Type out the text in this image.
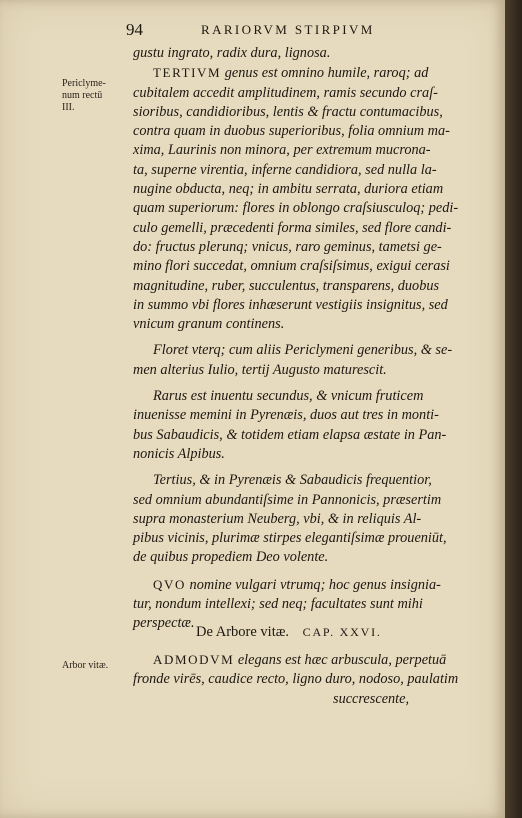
94	RARIORVM STIRPIVM
Periclyme-
num rectū
III.
Arbor vitæ.

gustu ingrato, radix dura, lignosa.

TERTIVM genus est omnino humile, raroq; ad
cubitalem accedit amplitudinem, ramis secundo craſ-
sioribus, candidioribus, lentis & fractu contumacibus,
contra quam in duobus superioribus, folia omnium ma-
xima, Laurinis non minora, per extremum mucrona-
ta, superne virentia, inferne candidiora, sed nulla la-
nugine obducta, neq; in ambitu serrata, duriora etiam
quam superiorum: flores in oblongo craſsiusculoq; pedi-
culo gemelli, præcedenti forma similes, sed flore candi-
do: fructus plerunq; vnicus, raro geminus, tametsi ge-
mino flori succedat, omnium craſsiſsimus, exigui cerasi
magnitudine, ruber, succulentus, transparens, duobus
in summo vbi flores inhæserunt vestigiis insignitus, sed
vnicum granum continens.

Floret vterq; cum aliis Periclymeni generibus, & se-
men alterius Iulio, tertij Augusto maturescit.

Rarus est inuentu secundus, & vnicum fruticem
inuenisse memini in Pyrenæis, duos aut tres in monti-
bus Sabaudicis, & totidem etiam elapsa æstate in Pan-
nonicis Alpibus.

Tertius, & in Pyrenæis & Sabaudicis frequentior,
sed omnium abundantiſsime in Pannonicis, præsertim
supra monasterium Neuberg, vbi, & in reliquis Al-
pibus vicinis, plurimæ stirpes elegantiſsimæ proueniūt,
de quibus propediem Deo volente.

QVO nomine vulgari vtrumq; hoc genus insignia-
tur, nondum intellexi; sed neq; facultates sunt mihi
perspectæ.

De Arbore vitæ. CAP. XXVI.

ADMODVM elegans est hæc arbuscula, perpetuā
fronde virēs, caudice recto, ligno duro, nodoso, paulatim
succrescente,
